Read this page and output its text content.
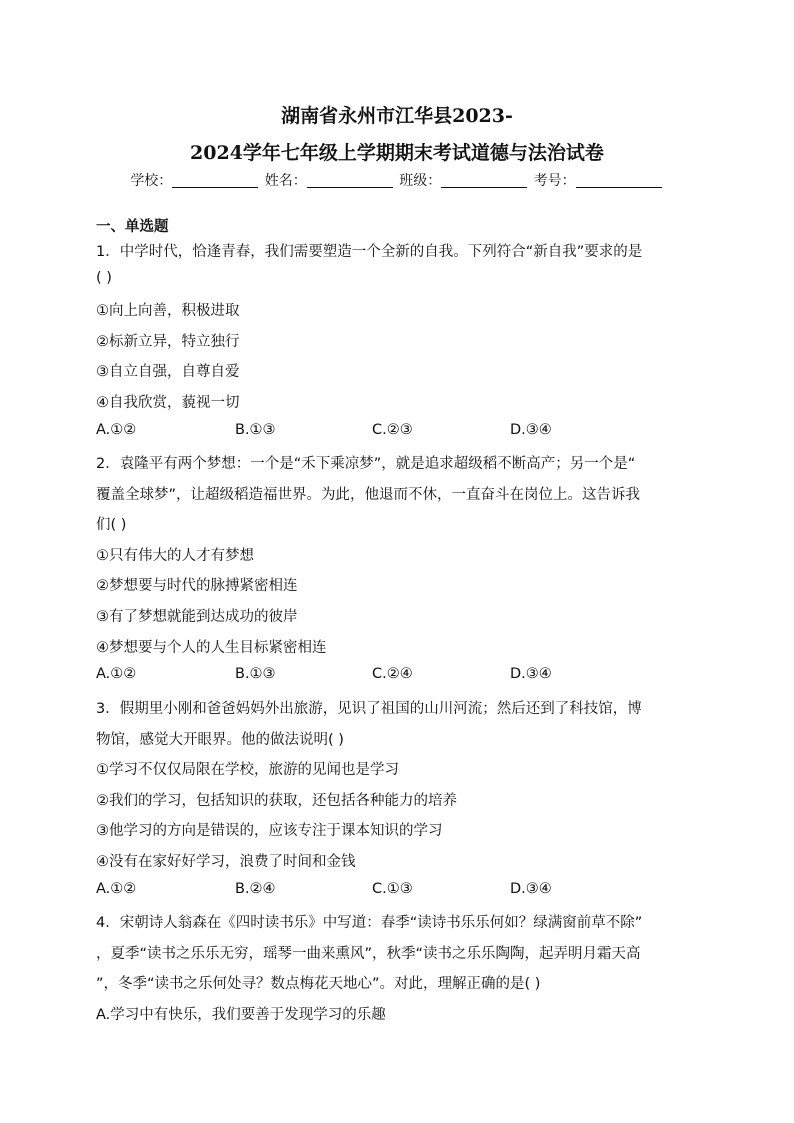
湖南省永州市江华县2023-
2024学年七年级上学期期末考试道德与法治试卷
学校：	姓名：	班级：	考号：
一、单选题
1．中学时代，恰逢青春，我们需要塑造一个全新的自我。下列符合“新自我”要求的是
( )
①向上向善，积极进取
②标新立异，特立独行
③自立自强，自尊自爱
④自我欣赏，藐视一切
A.①②	B.①③	C.②③	D.③④
2．袁隆平有两个梦想：一个是“禾下乘凉梦”，就是追求超级稻不断高产；另一个是“
覆盖全球梦”，让超级稻造福世界。为此，他退而不休，一直奋斗在岗位上。这告诉我
们( )
①只有伟大的人才有梦想
②梦想要与时代的脉搏紧密相连
③有了梦想就能到达成功的彼岸
④梦想要与个人的人生目标紧密相连
A.①②	B.①③	C.②④	D.③④
3．假期里小刚和爸爸妈妈外出旅游，见识了祖国的山川河流；然后还到了科技馆，博
物馆，感觉大开眼界。他的做法说明( )
①学习不仅仅局限在学校，旅游的见闻也是学习
②我们的学习，包括知识的获取，还包括各种能力的培养
③他学习的方向是错误的，应该专注于课本知识的学习
④没有在家好好学习，浪费了时间和金钱
A.①②	B.②④	C.①③	D.③④
4．宋朝诗人翁森在《四时读书乐》中写道：春季“读诗书乐乐何如？绿满窗前草不除”
，夏季“读书之乐乐无穷，瑶琴一曲来熏风”，秋季“读书之乐乐陶陶，起弄明月霜天高
”，冬季“读书之乐何处寻？数点梅花天地心”。对此，理解正确的是( )
A.学习中有快乐，我们要善于发现学习的乐趣
